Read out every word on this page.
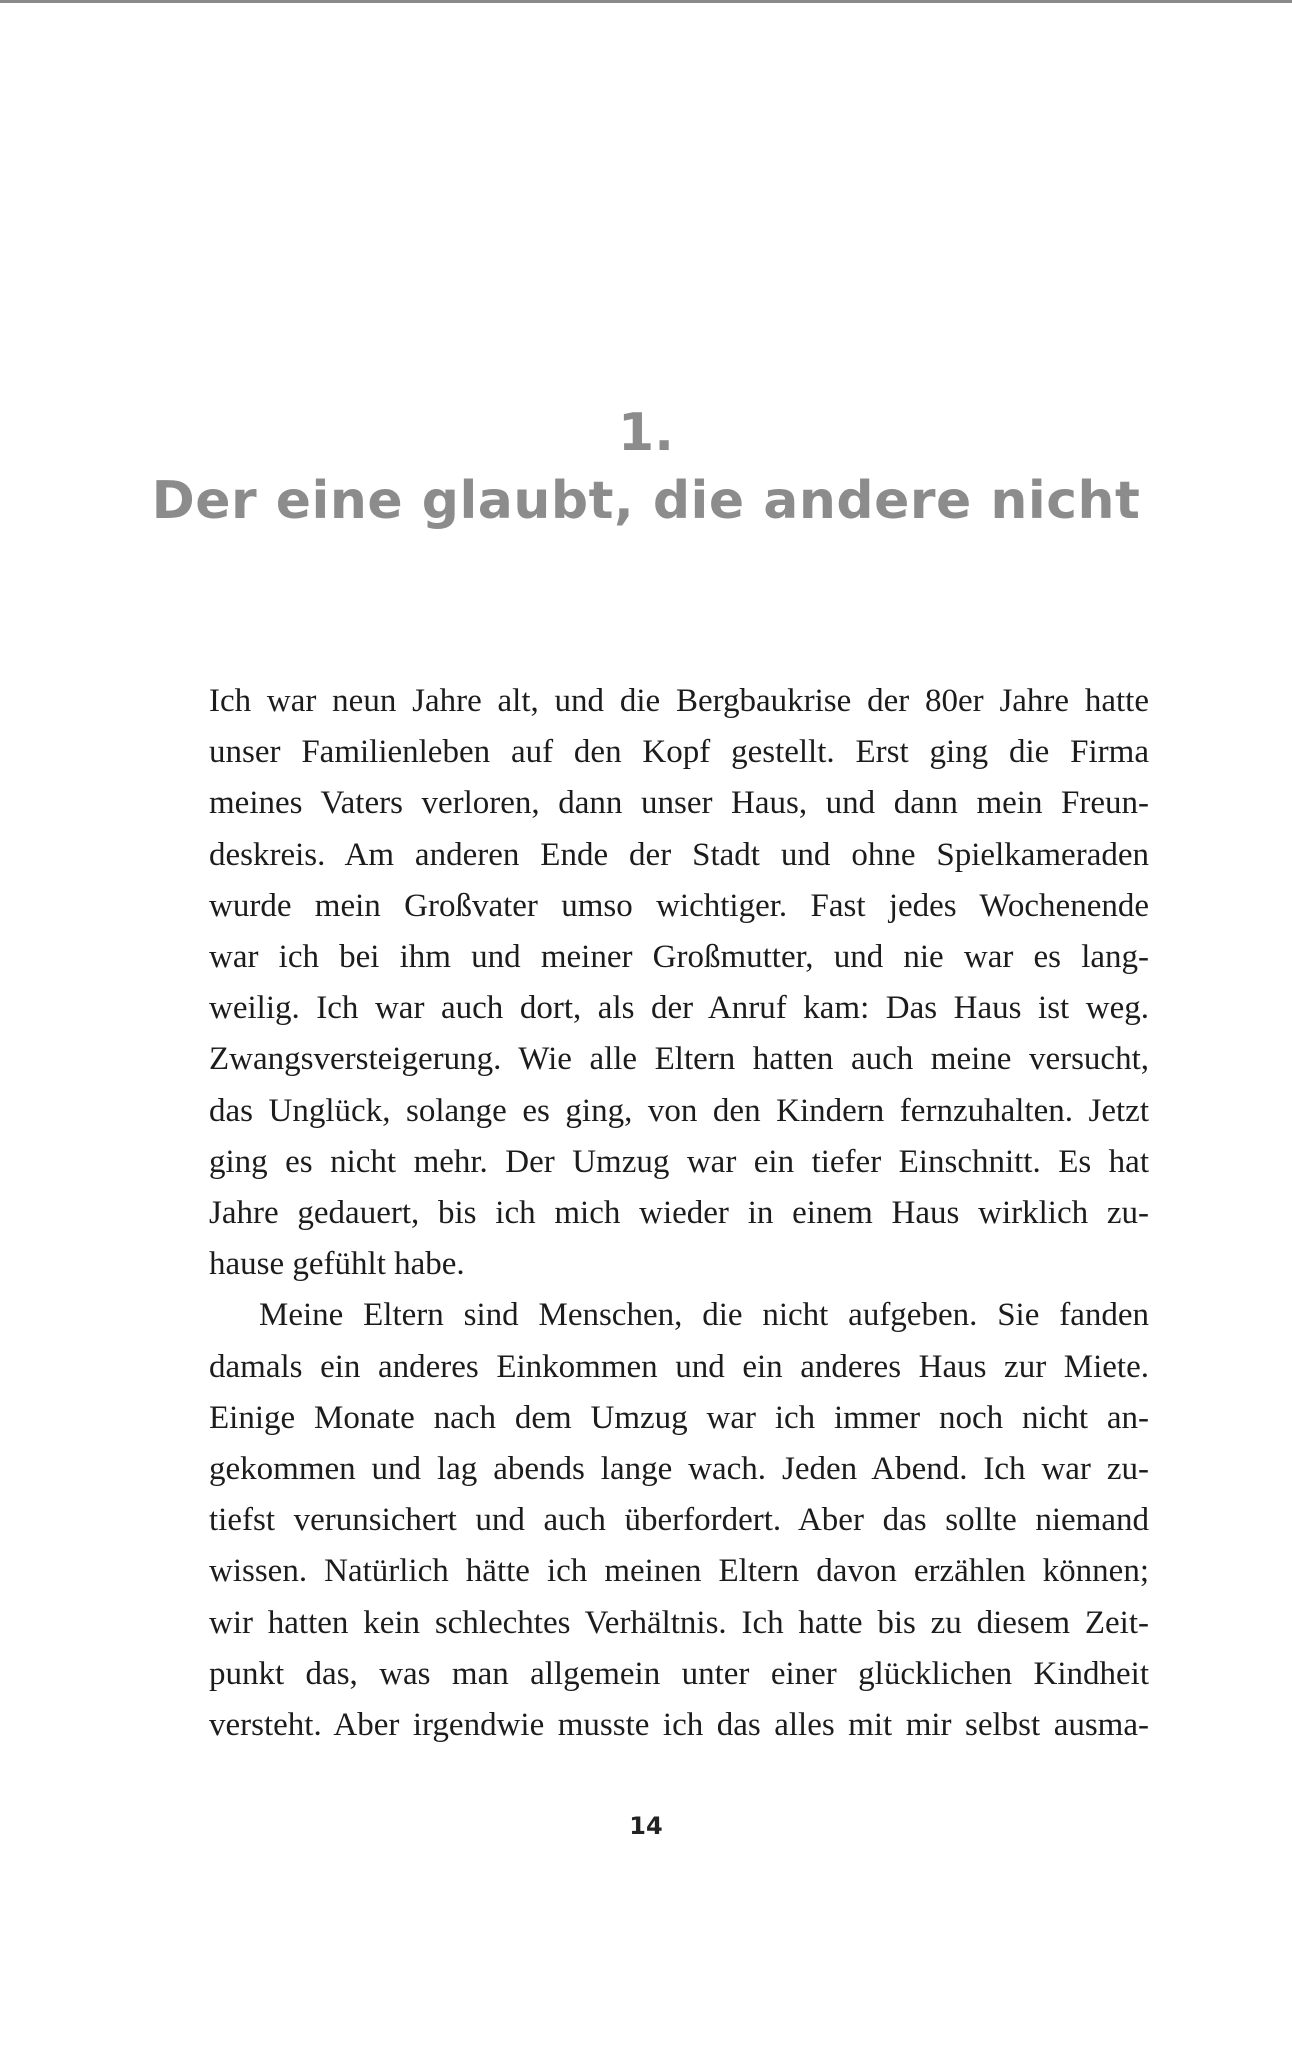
1.
Der eine glaubt, die andere nicht

Ich war neun Jahre alt, und die Bergbaukrise der 80er Jahre hatte
unser Familienleben auf den Kopf gestellt. Erst ging die Firma
meines Vaters verloren, dann unser Haus, und dann mein Freun-
deskreis. Am anderen Ende der Stadt und ohne Spielkameraden
wurde mein Großvater umso wichtiger. Fast jedes Wochenende
war ich bei ihm und meiner Großmutter, und nie war es lang-
weilig. Ich war auch dort, als der Anruf kam: Das Haus ist weg.
Zwangsversteigerung. Wie alle Eltern hatten auch meine versucht,
das Unglück, solange es ging, von den Kindern fernzuhalten. Jetzt
ging es nicht mehr. Der Umzug war ein tiefer Einschnitt. Es hat
Jahre gedauert, bis ich mich wieder in einem Haus wirklich zu-
hause gefühlt habe.

Meine Eltern sind Menschen, die nicht aufgeben. Sie fanden
damals ein anderes Einkommen und ein anderes Haus zur Miete.
Einige Monate nach dem Umzug war ich immer noch nicht an-
gekommen und lag abends lange wach. Jeden Abend. Ich war zu-
tiefst verunsichert und auch überfordert. Aber das sollte niemand
wissen. Natürlich hätte ich meinen Eltern davon erzählen können;
wir hatten kein schlechtes Verhältnis. Ich hatte bis zu diesem Zeit-
punkt das, was man allgemein unter einer glücklichen Kindheit
versteht. Aber irgendwie musste ich das alles mit mir selbst ausma-

14
